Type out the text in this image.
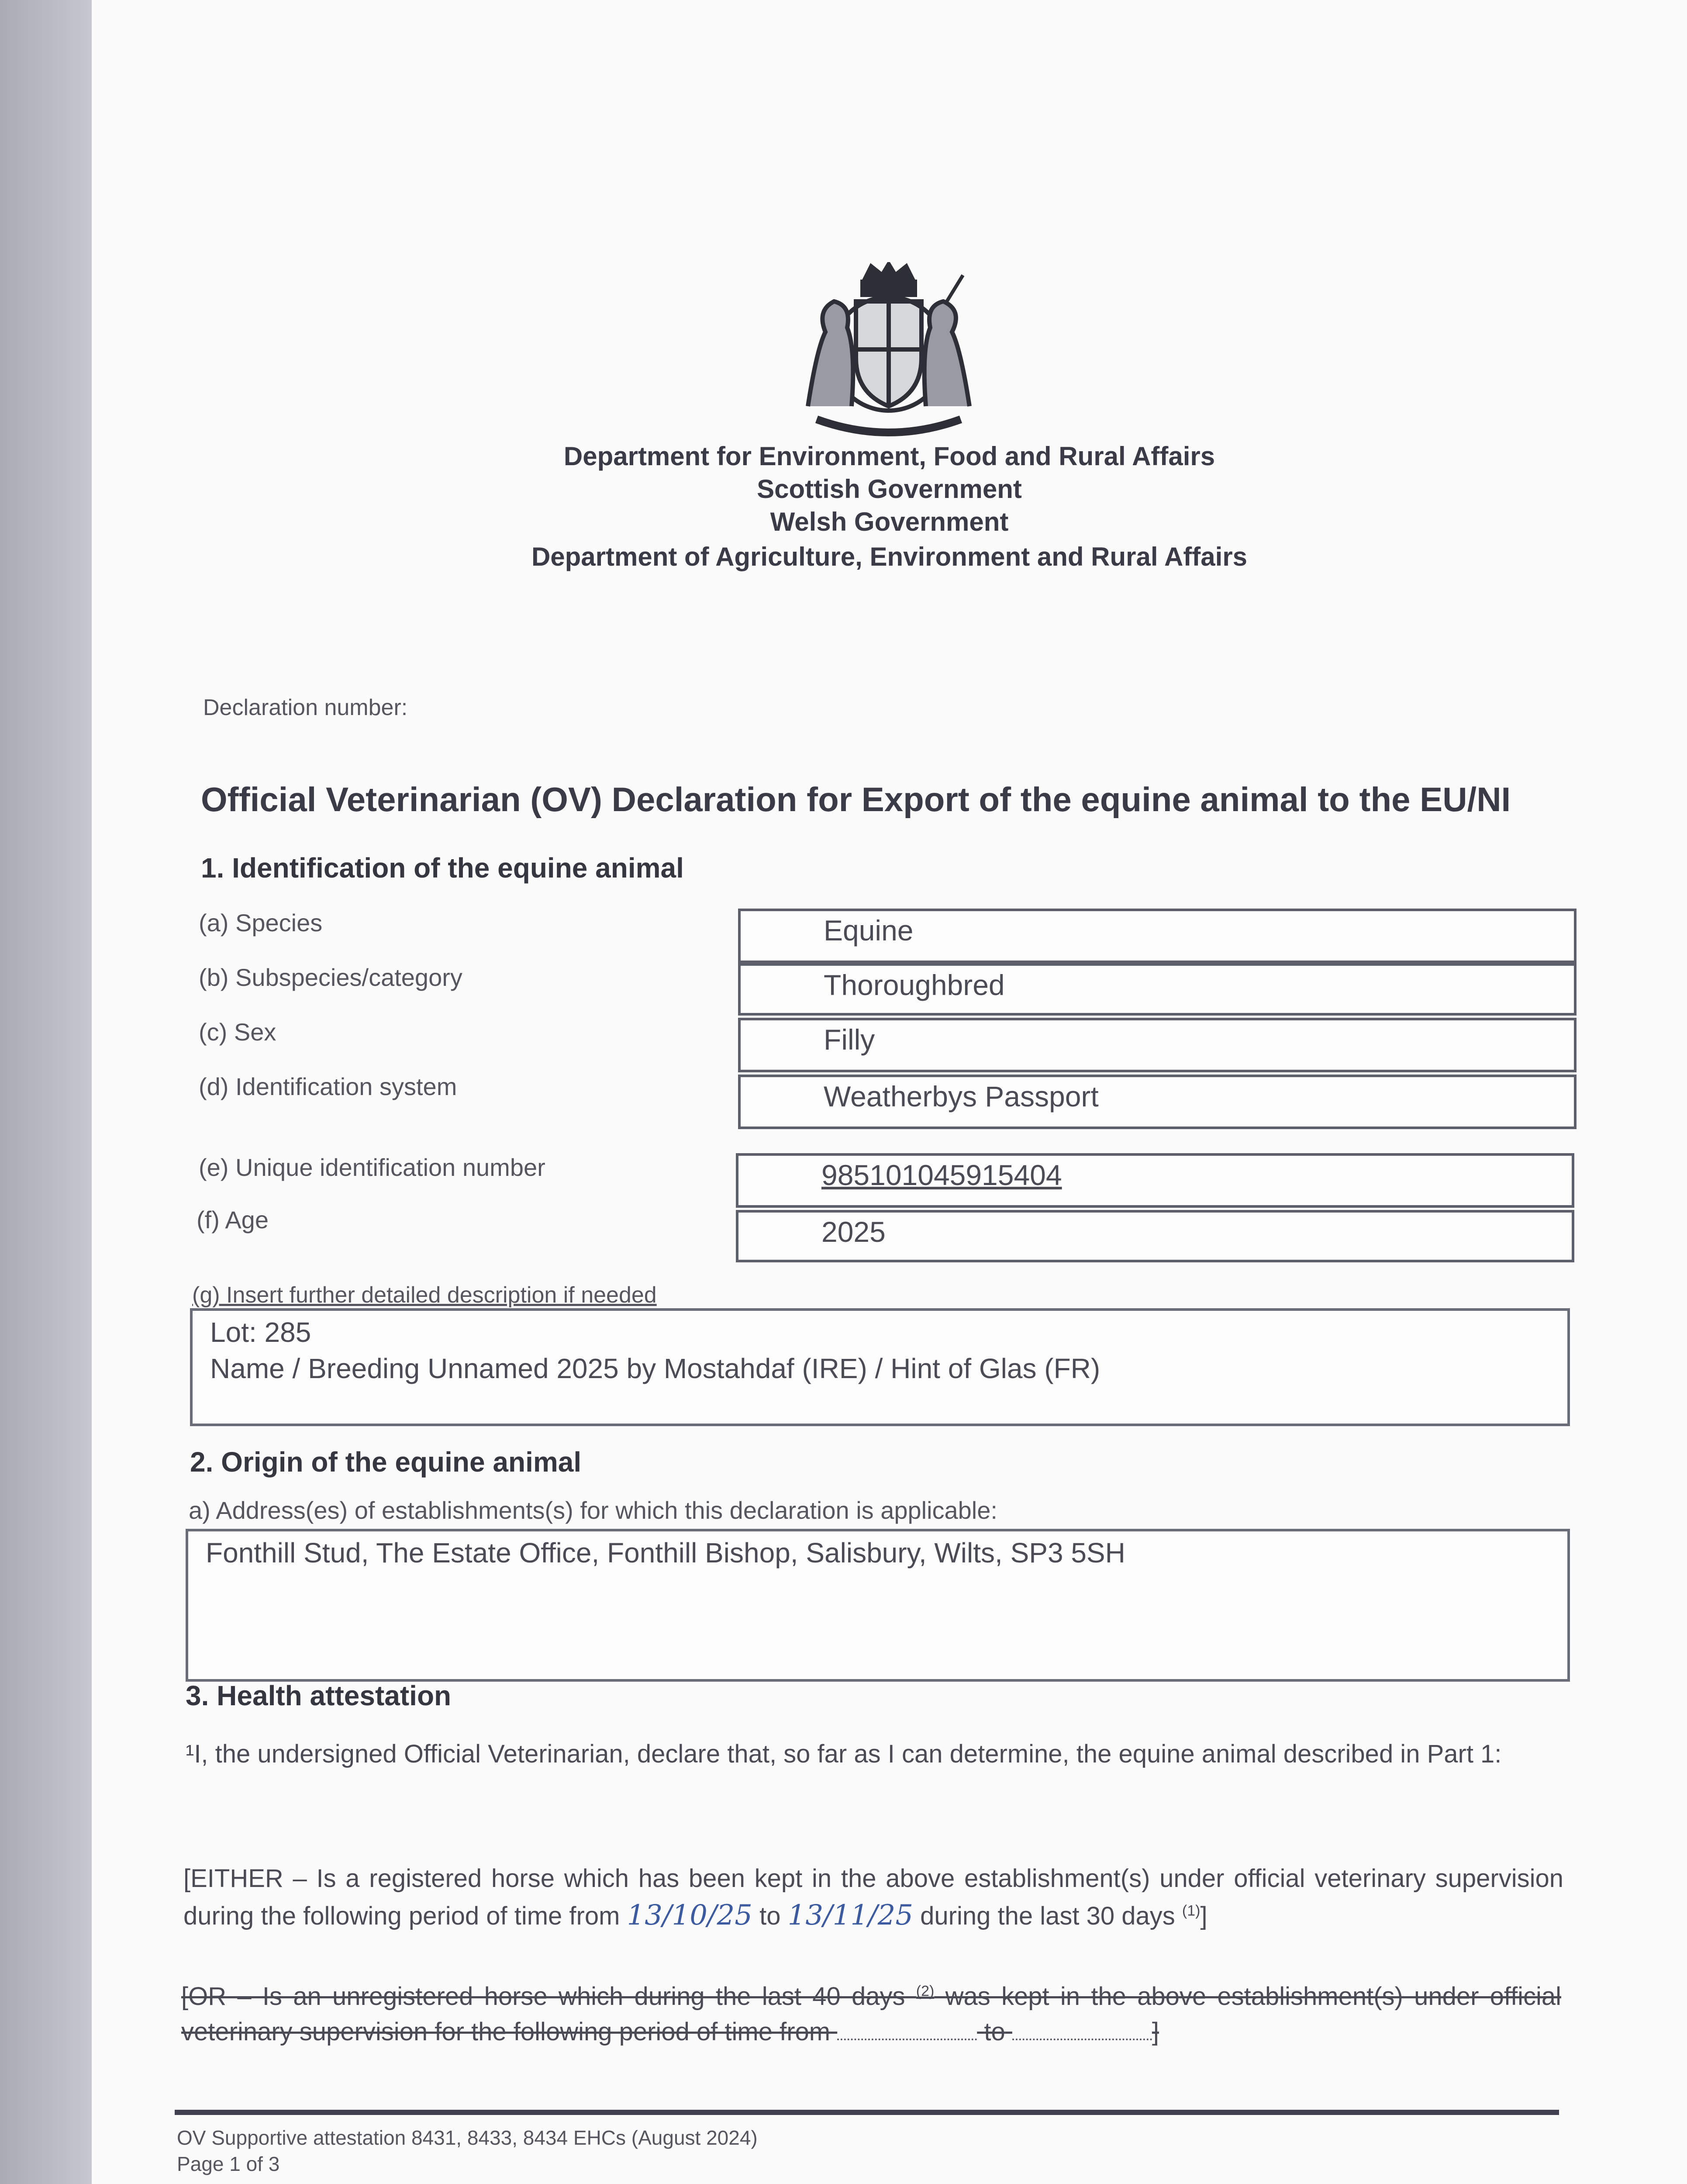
Department for Environment, Food and Rural Affairs
Scottish Government
Welsh Government
Department of Agriculture, Environment and Rural Affairs
Declaration number:
Official Veterinarian (OV) Declaration for Export of the equine animal to the EU/NI
1. Identification of the equine animal
(a) Species	Equine
(b) Subspecies/category	Thoroughbred
(c) Sex	Filly
(d) Identification system	Weatherbys Passport
(e) Unique identification number	985101045915404
(f) Age	2025
(g) Insert further detailed description if needed
Lot: 285
Name / Breeding Unnamed 2025 by Mostahdaf (IRE) / Hint of Glas (FR)
2. Origin of the equine animal
a) Address(es) of establishments(s) for which this declaration is applicable:
Fonthill Stud, The Estate Office, Fonthill Bishop, Salisbury, Wilts, SP3 5SH
3. Health attestation
¹I, the undersigned Official Veterinarian, declare that, so far as I can determine, the equine animal described in Part 1:
[EITHER – Is a registered horse which has been kept in the above establishment(s) under official veterinary supervision during the following period of time from 13/10/25 to 13/11/25 during the last 30 days $^{(1)}$]
[OR – Is an unregistered horse which during the last 40 days $^{(2)}$ was kept in the above establishment(s) under official veterinary supervision for the following period of time from	to	]
OV Supportive attestation 8431, 8433, 8434 EHCs (August 2024)
Page 1 of 3
